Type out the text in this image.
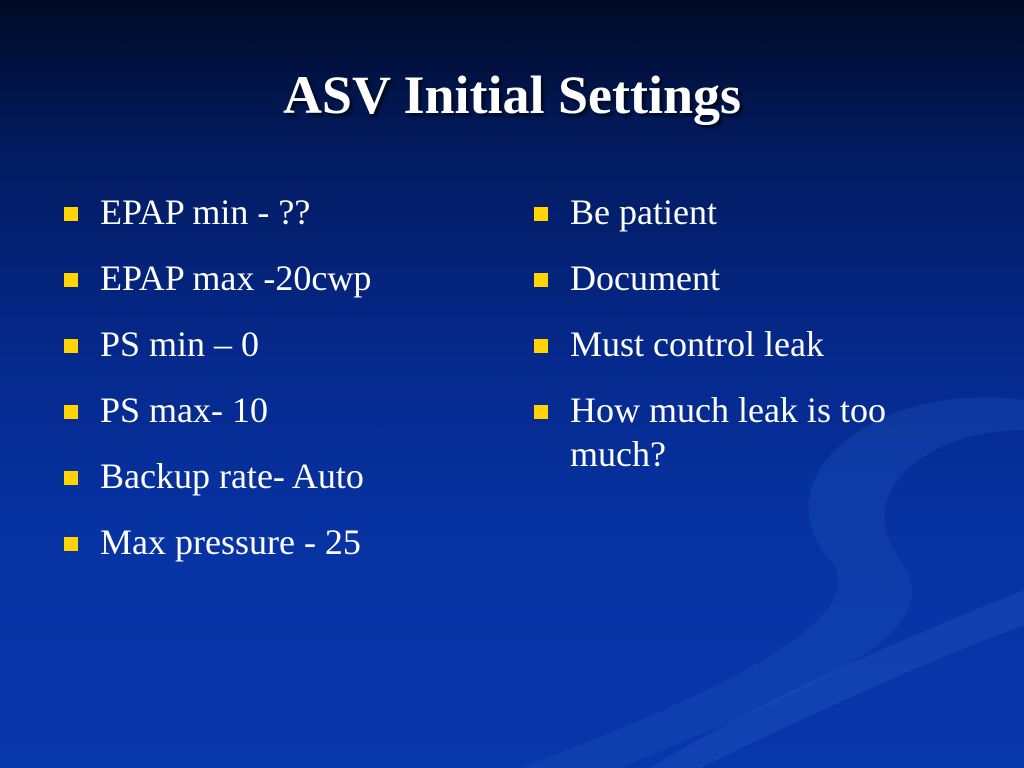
ASV Initial Settings
EPAP min - ??
EPAP max -20cwp
PS min – 0
PS max- 10
Backup rate- Auto
Max pressure - 25
Be patient
Document
Must control leak
How much leak is too much?
